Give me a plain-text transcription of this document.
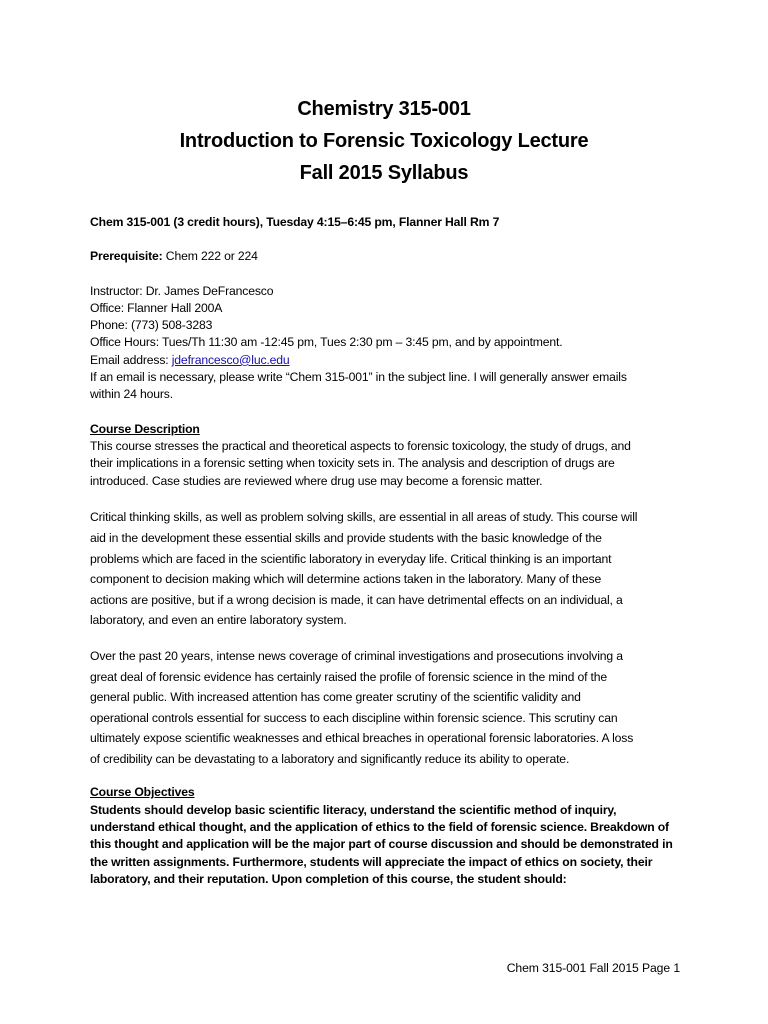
Chemistry 315-001
Introduction to Forensic Toxicology Lecture
Fall 2015 Syllabus
Chem 315-001 (3 credit hours), Tuesday 4:15–6:45 pm, Flanner Hall Rm 7
Prerequisite: Chem 222 or 224
Instructor: Dr. James DeFrancesco
Office: Flanner Hall 200A
Phone: (773) 508-3283
Office Hours: Tues/Th 11:30 am -12:45 pm, Tues 2:30 pm – 3:45 pm, and by appointment.
Email address: jdefrancesco@luc.edu
If an email is necessary, please write “Chem 315-001” in the subject line. I will generally answer emails
within 24 hours.
Course Description
This course stresses the practical and theoretical aspects to forensic toxicology, the study of drugs, and
their implications in a forensic setting when toxicity sets in. The analysis and description of drugs are
introduced. Case studies are reviewed where drug use may become a forensic matter.
Critical thinking skills, as well as problem solving skills, are essential in all areas of study. This course will
aid in the development these essential skills and provide students with the basic knowledge of the
problems which are faced in the scientific laboratory in everyday life. Critical thinking is an important
component to decision making which will determine actions taken in the laboratory. Many of these
actions are positive, but if a wrong decision is made, it can have detrimental effects on an individual, a
laboratory, and even an entire laboratory system.
Over the past 20 years, intense news coverage of criminal investigations and prosecutions involving a
great deal of forensic evidence has certainly raised the profile of forensic science in the mind of the
general public. With increased attention has come greater scrutiny of the scientific validity and
operational controls essential for success to each discipline within forensic science. This scrutiny can
ultimately expose scientific weaknesses and ethical breaches in operational forensic laboratories. A loss
of credibility can be devastating to a laboratory and significantly reduce its ability to operate.
Course Objectives
Students should develop basic scientific literacy, understand the scientific method of inquiry,
understand ethical thought, and the application of ethics to the field of forensic science. Breakdown of
this thought and application will be the major part of course discussion and should be demonstrated in
the written assignments. Furthermore, students will appreciate the impact of ethics on society, their
laboratory, and their reputation. Upon completion of this course, the student should:
Chem 315-001 Fall 2015 Page 1
